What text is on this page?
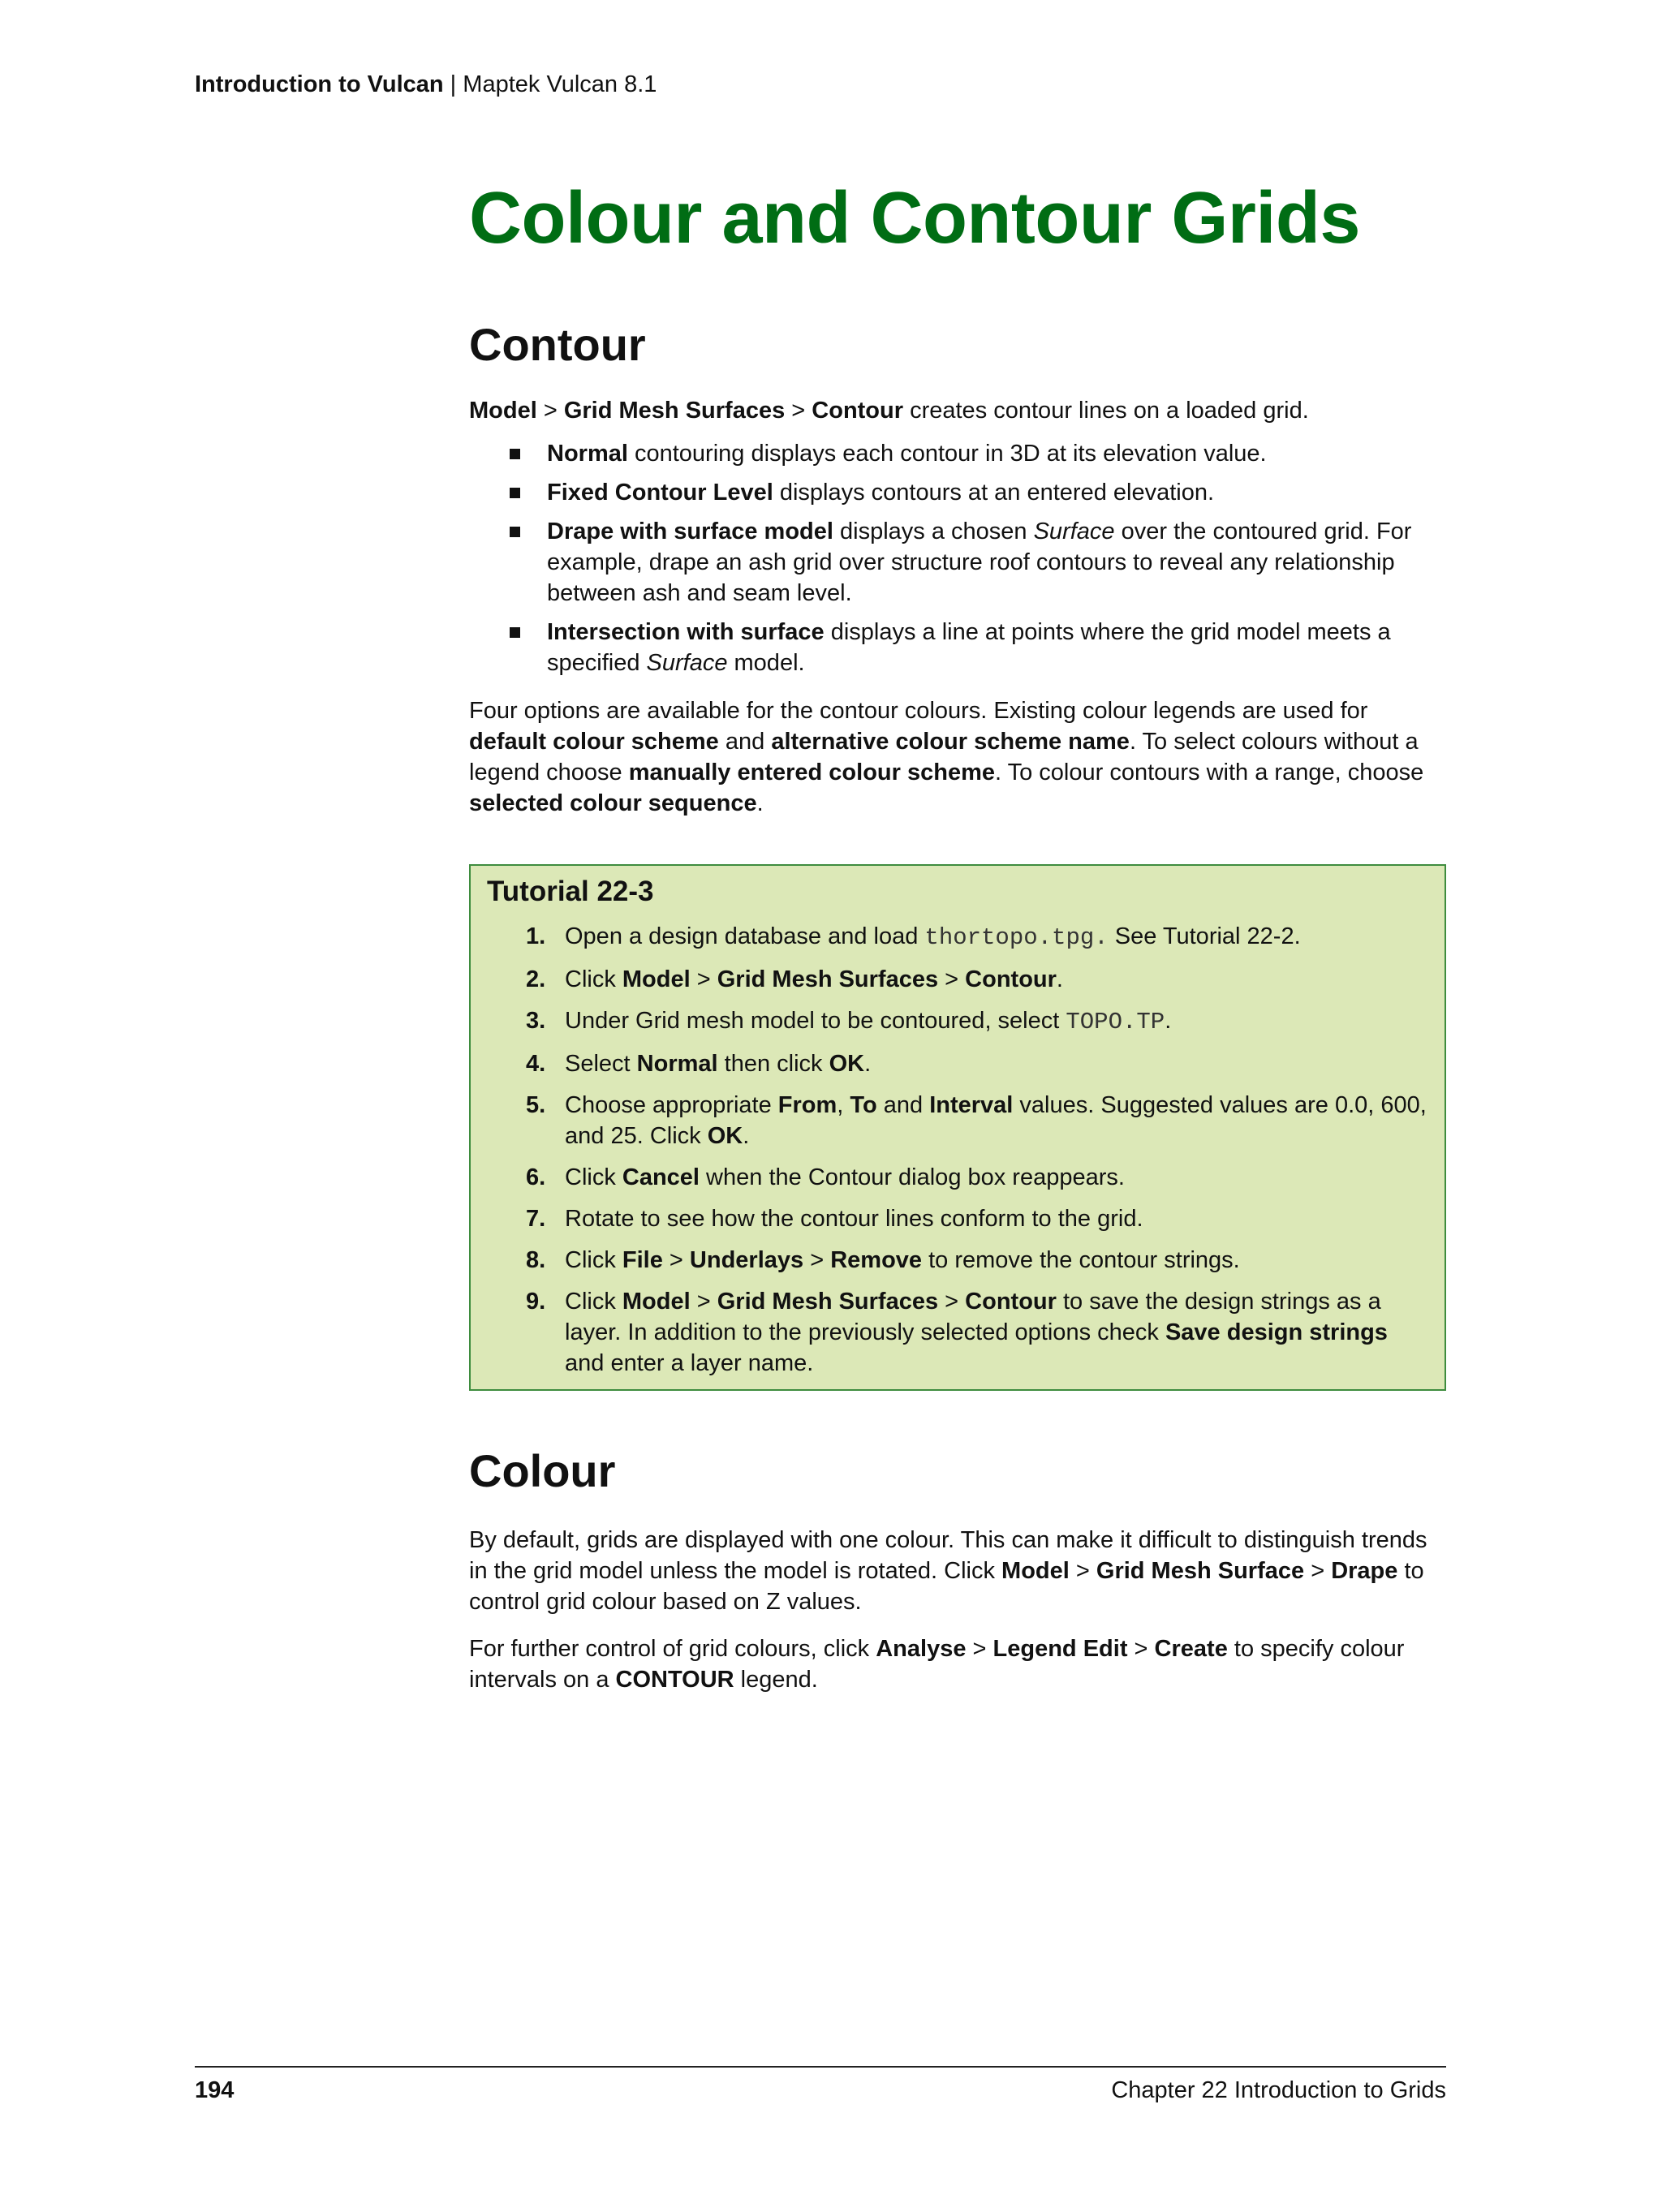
Introduction to Vulcan | Maptek Vulcan 8.1
Colour and Contour Grids
Contour

Model > Grid Mesh Surfaces > Contour creates contour lines on a loaded grid.

Normal contouring displays each contour in 3D at its elevation value.
Fixed Contour Level displays contours at an entered elevation.
Drape with surface model displays a chosen Surface over the contoured grid. For example, drape an ash grid over structure roof contours to reveal any relationship between ash and seam level.
Intersection with surface displays a line at points where the grid model meets a specified Surface model.

Four options are available for the contour colours. Existing colour legends are used for default colour scheme and alternative colour scheme name. To select colours without a legend choose manually entered colour scheme. To colour contours with a range, choose selected colour sequence.

Colour

By default, grids are displayed with one colour. This can make it difficult to distinguish trends in the grid model unless the model is rotated. Click Model > Grid Mesh Surface > Drape to control grid colour based on Z values.

For further control of grid colours, click Analyse > Legend Edit > Create to specify colour intervals on a CONTOUR legend.

Tutorial 22-3
1. Open a design database and load thortopo.tpg. See Tutorial 22-2.
2. Click Model > Grid Mesh Surfaces > Contour.
3. Under Grid mesh model to be contoured, select TOPO.TP.
4. Select Normal then click OK.
5. Choose appropriate From, To and Interval values. Suggested values are 0.0, 600, and 25. Click OK.
6. Click Cancel when the Contour dialog box reappears.
7. Rotate to see how the contour lines conform to the grid.
8. Click File > Underlays > Remove to remove the contour strings.
9. Click Model > Grid Mesh Surfaces > Contour to save the design strings as a layer. In addition to the previously selected options check Save design strings and enter a layer name.
194	Chapter 22 Introduction to Grids
